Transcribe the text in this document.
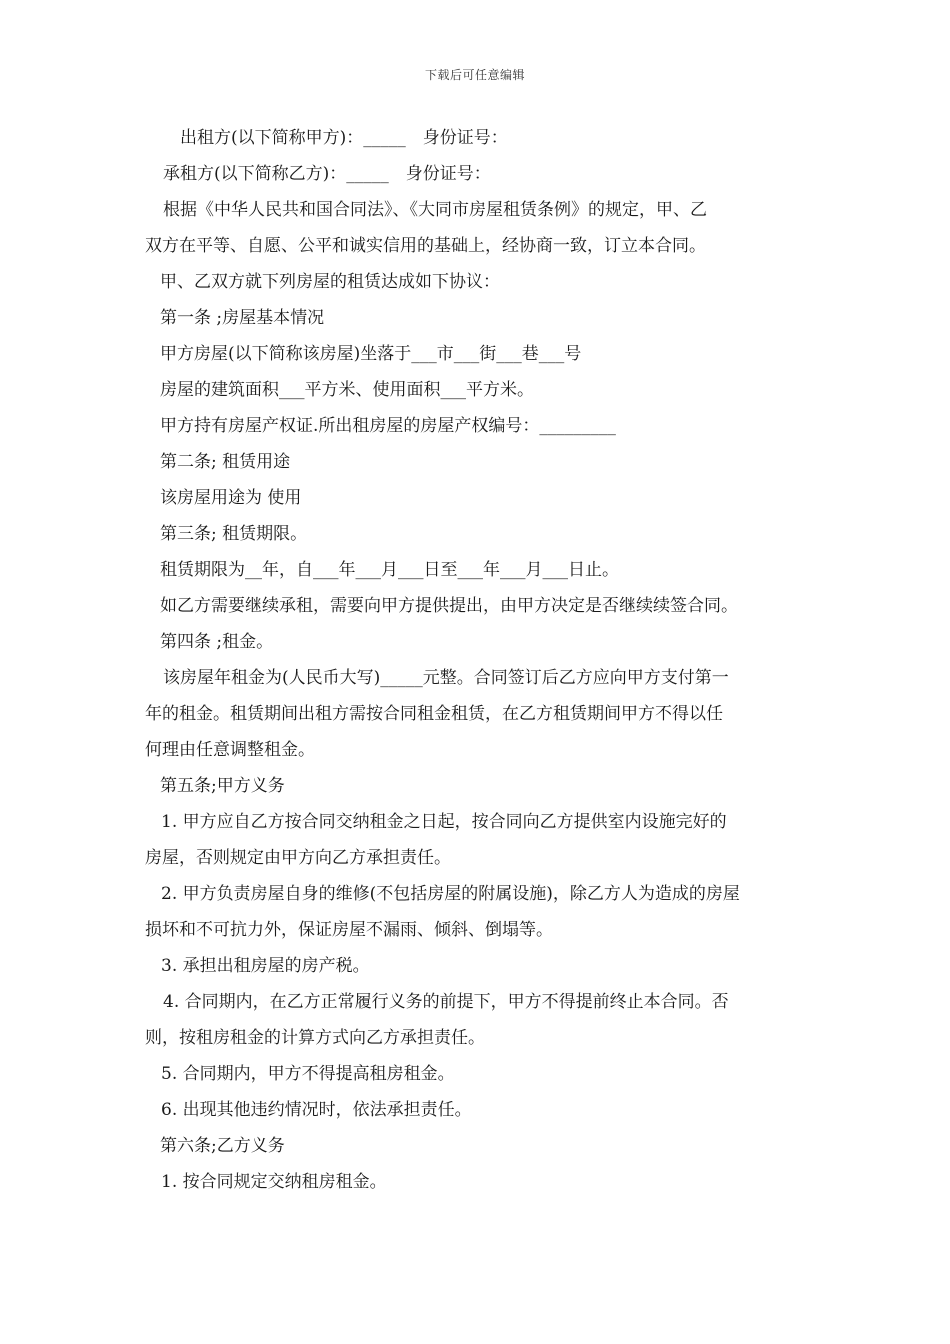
下载后可任意编辑
出租方(以下简称甲方)：_____　身份证号：
承租方(以下简称乙方)：_____　身份证号：
根据《中华人民共和国合同法》、《大同市房屋租赁条例》的规定，甲、乙
双方在平等、自愿、公平和诚实信用的基础上，经协商一致，订立本合同。
甲、乙双方就下列房屋的租赁达成如下协议：
第一条 ;房屋基本情况
甲方房屋(以下简称该房屋)坐落于___市___街___巷___号
房屋的建筑面积___平方米、使用面积___平方米。
甲方持有房屋产权证.所出租房屋的房屋产权编号：_________
第二条; 租赁用途
该房屋用途为 使用
第三条; 租赁期限。
租赁期限为__年，自___年___月___日至___年___月___日止。
如乙方需要继续承租，需要向甲方提供提出，由甲方决定是否继续续签合同。
第四条 ;租金。
该房屋年租金为(人民币大写)_____元整。合同签订后乙方应向甲方支付第一
年的租金。租赁期间出租方需按合同租金租赁，在乙方租赁期间甲方不得以任
何理由任意调整租金。
第五条;甲方义务
1. 甲方应自乙方按合同交纳租金之日起，按合同向乙方提供室内设施完好的
房屋，否则规定由甲方向乙方承担责任。
2. 甲方负责房屋自身的维修(不包括房屋的附属设施)，除乙方人为造成的房屋
损坏和不可抗力外，保证房屋不漏雨、倾斜、倒塌等。
3. 承担出租房屋的房产税。
4. 合同期内，在乙方正常履行义务的前提下，甲方不得提前终止本合同。否
则，按租房租金的计算方式向乙方承担责任。
5. 合同期内，甲方不得提高租房租金。
6. 出现其他违约情况时，依法承担责任。
第六条;乙方义务
1. 按合同规定交纳租房租金。
